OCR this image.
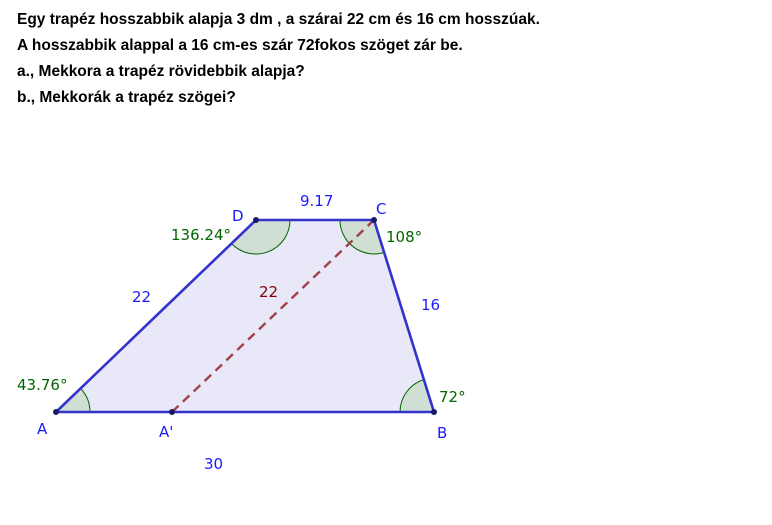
Egy trapéz hosszabbik alapja 3 dm , a szárai 22 cm és 16 cm hosszúak.
A hosszabbik alappal a 16 cm-es szár 72fokos szöget zár be.
a., Mekkora a trapéz rövidebbik alapja?
b., Mekkorák a trapéz szögei?
A	B
C
D
A'
30
9.17
22	16
22
43.76°
72°
108°
136.24°
